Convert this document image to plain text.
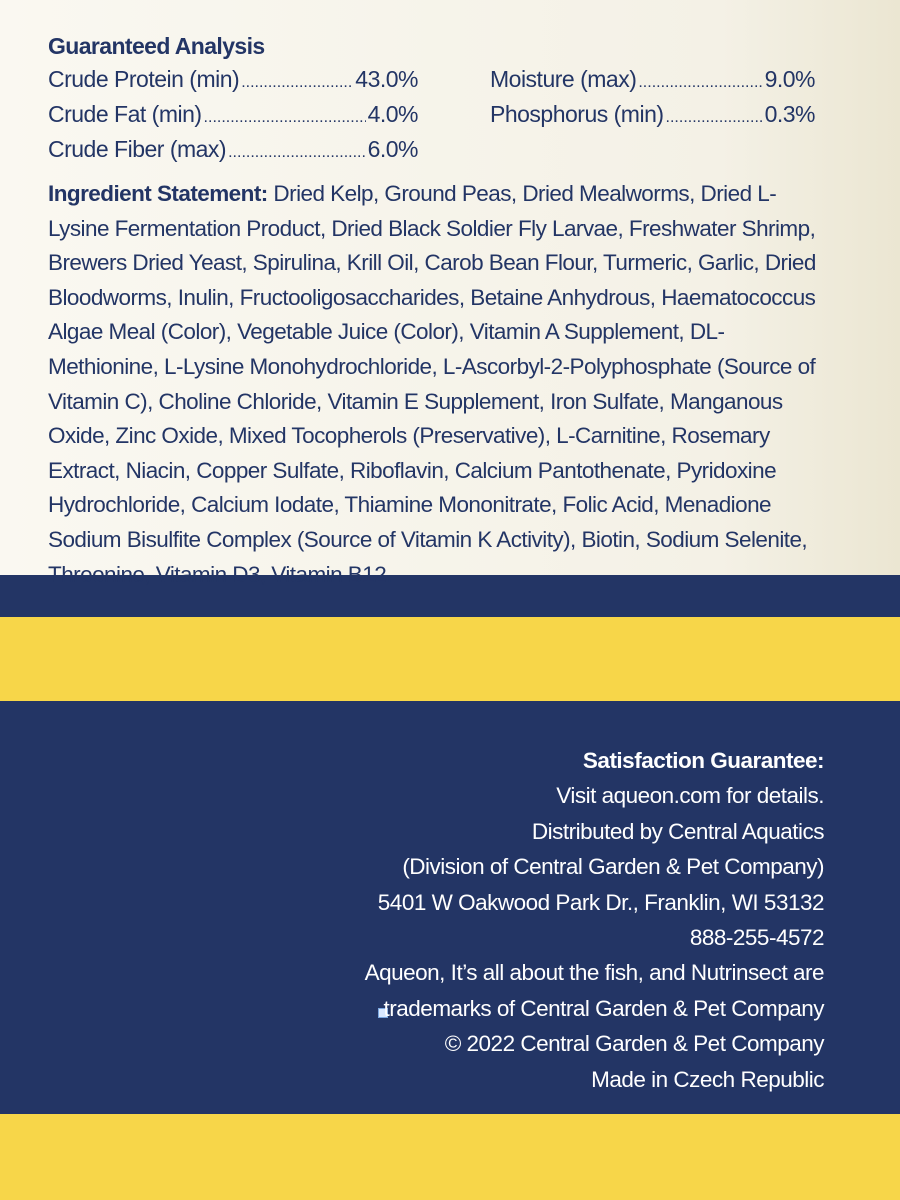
Guaranteed Analysis
Crude Protein (min) .....	43.0%
Crude Fat (min) .....	4.0%
Crude Fiber (max) .....	6.0%
Moisture (max) .....	9.0%
Phosphorus (min) .....	0.3%
Ingredient Statement: Dried Kelp, Ground Peas, Dried Mealworms, Dried L-Lysine Fermentation Product, Dried Black Soldier Fly Larvae, Freshwater Shrimp, Brewers Dried Yeast, Spirulina, Krill Oil, Carob Bean Flour, Turmeric, Garlic, Dried Bloodworms, Inulin, Fructooligosaccharides, Betaine Anhydrous, Haematococcus Algae Meal (Color), Vegetable Juice (Color), Vitamin A Supplement, DL-Methionine, L-Lysine Monohydrochloride, L-Ascorbyl-2-Polyphosphate (Source of Vitamin C), Choline Chloride, Vitamin E Supplement, Iron Sulfate, Manganous Oxide, Zinc Oxide, Mixed Tocopherols (Preservative), L-Carnitine, Rosemary Extract, Niacin, Copper Sulfate, Riboflavin, Calcium Pantothenate, Pyridoxine Hydrochloride, Calcium Iodate, Thiamine Mononitrate, Folic Acid, Menadione Sodium Bisulfite Complex (Source of Vitamin K Activity), Biotin, Sodium Selenite, Threonine, Vitamin D3, Vitamin B12.
Satisfaction Guarantee:
Visit aqueon.com for details.
Distributed by Central Aquatics
(Division of Central Garden & Pet Company)
5401 W Oakwood Park Dr., Franklin, WI 53132
888-255-4572
Aqueon, It’s all about the fish, and Nutrinsect are
trademarks of Central Garden & Pet Company
© 2022 Central Garden & Pet Company
Made in Czech Republic
